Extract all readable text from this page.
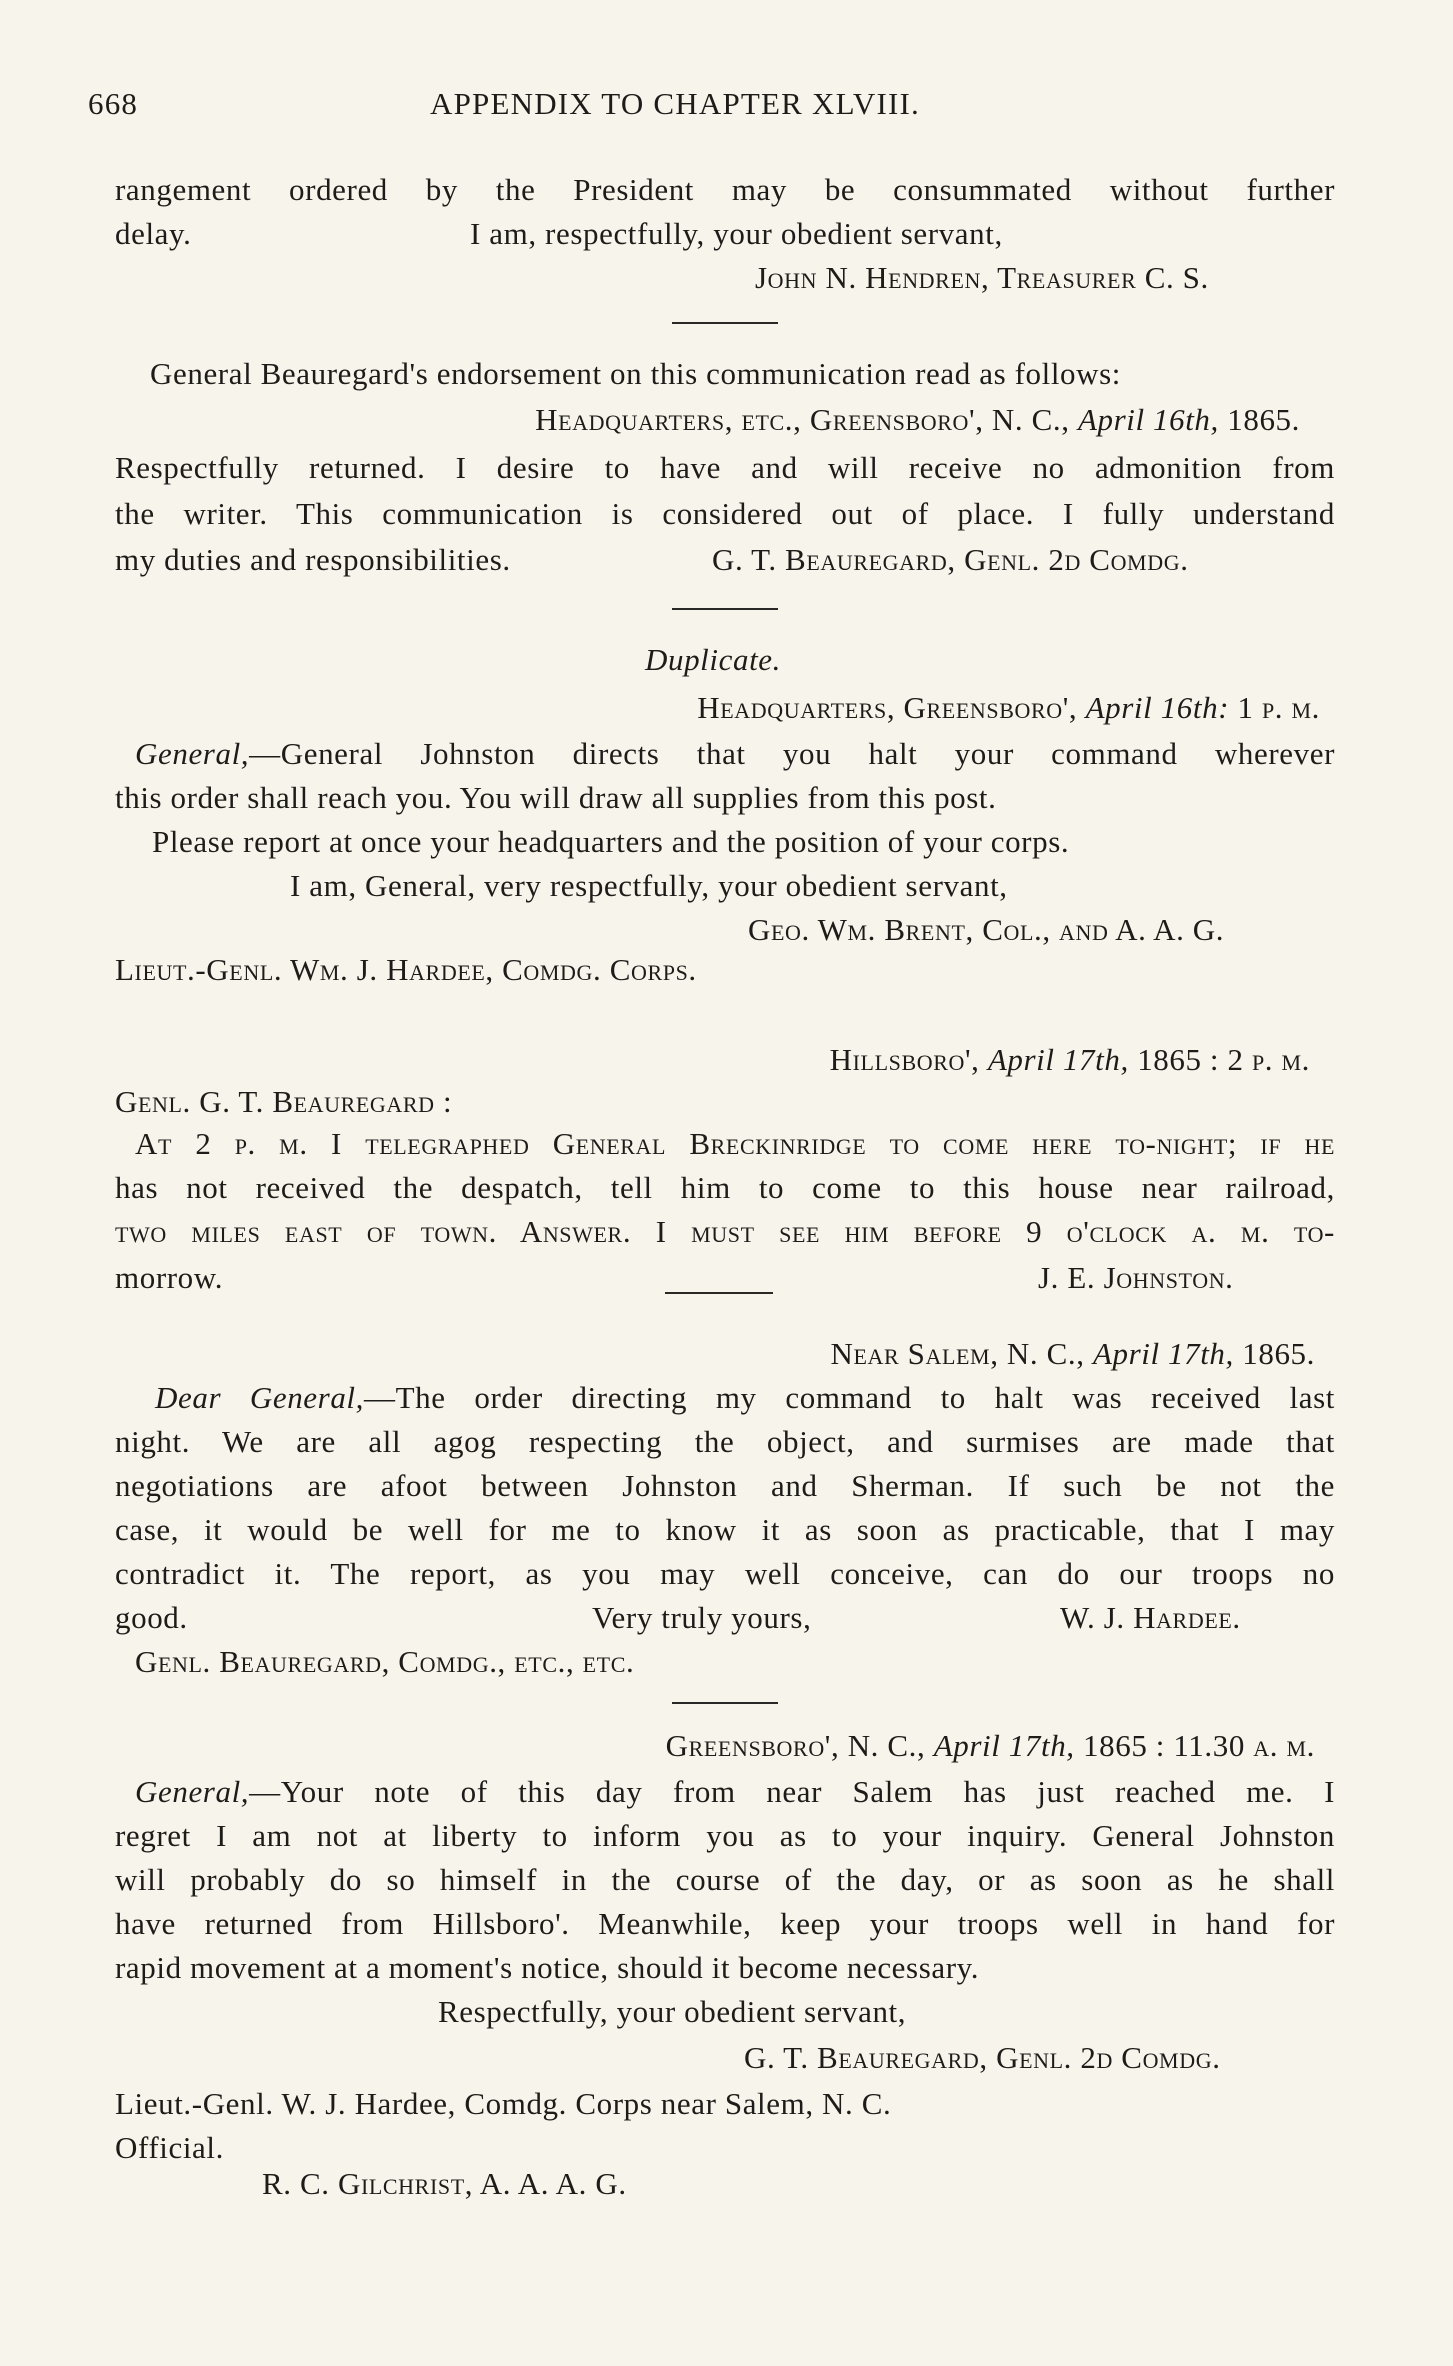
668	APPENDIX TO CHAPTER XLVIII.
rangement ordered by the President may be consummated without further
delay.	I am, respectfully, your obedient servant,
John N. Hendren, Treasurer C. S.
General Beauregard's endorsement on this communication read as follows:
Headquarters, etc., Greensboro', N. C., April 16th, 1865.
Respectfully returned. I desire to have and will receive no admonition from
the writer. This communication is considered out of place. I fully understand
my duties and responsibilities.	G. T. Beauregard, Genl. 2d Comdg.
Duplicate.
Headquarters, Greensboro', April 16th: 1 p. m.
General,—General Johnston directs that you halt your command wherever
this order shall reach you. You will draw all supplies from this post.
Please report at once your headquarters and the position of your corps.
I am, General, very respectfully, your obedient servant,
Geo. Wm. Brent, Col., and A. A. G.
Lieut.-Genl. Wm. J. Hardee, Comdg. Corps.
Hillsboro', April 17th, 1865 : 2 p. m.
Genl. G. T. Beauregard :
At 2 p. m. I telegraphed General Breckinridge to come here to-night; if he
has not received the despatch, tell him to come to this house near railroad,
two miles east of town. Answer. I must see him before 9 o'clock a. m. to-
morrow.	J. E. Johnston.
Near Salem, N. C., April 17th, 1865.
Dear General,—The order directing my command to halt was received last
night. We are all agog respecting the object, and surmises are made that
negotiations are afoot between Johnston and Sherman. If such be not the
case, it would be well for me to know it as soon as practicable, that I may
contradict it. The report, as you may well conceive, can do our troops no
good.	Very truly yours,	W. J. Hardee.
Genl. Beauregard, Comdg., etc., etc.
Greensboro', N. C., April 17th, 1865 : 11.30 a. m.
General,—Your note of this day from near Salem has just reached me. I
regret I am not at liberty to inform you as to your inquiry. General Johnston
will probably do so himself in the course of the day, or as soon as he shall
have returned from Hillsboro'. Meanwhile, keep your troops well in hand for
rapid movement at a moment's notice, should it become necessary.
Respectfully, your obedient servant,
G. T. Beauregard, Genl. 2d Comdg.
Lieut.-Genl. W. J. Hardee, Comdg. Corps near Salem, N. C.
Official.
R. C. Gilchrist, A. A. A. G.
